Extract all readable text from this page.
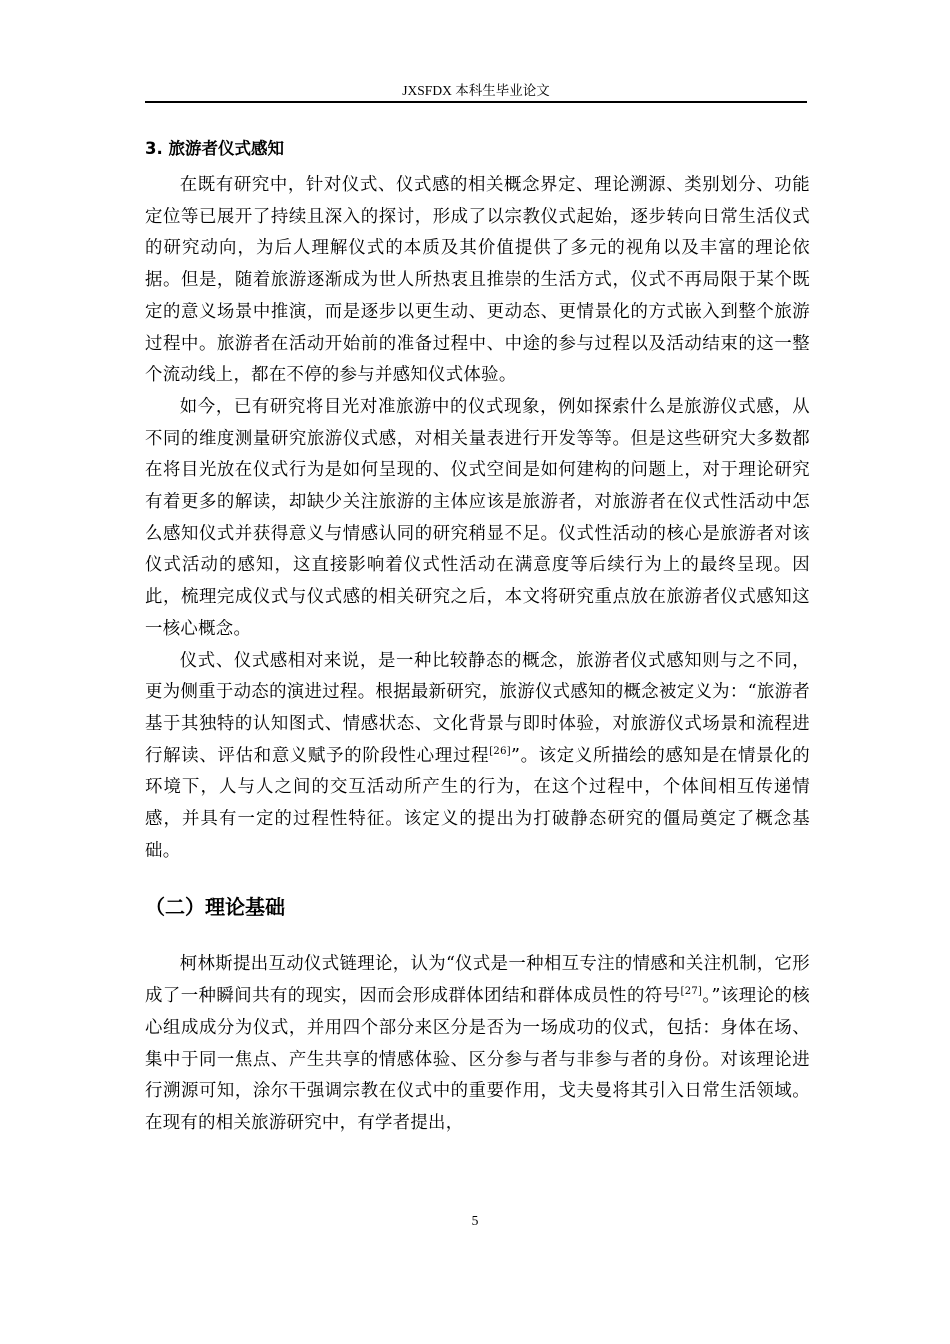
JXSFDX 本科生毕业论文
3. 旅游者仪式感知

在既有研究中，针对仪式、仪式感的相关概念界定、理论溯源、类别划分、功能定位等已展开了持续且深入的探讨，形成了以宗教仪式起始，逐步转向日常生活仪式的研究动向，为后人理解仪式的本质及其价值提供了多元的视角以及丰富的理论依据。但是，随着旅游逐渐成为世人所热衷且推崇的生活方式，仪式不再局限于某个既定的意义场景中推演，而是逐步以更生动、更动态、更情景化的方式嵌入到整个旅游过程中。旅游者在活动开始前的准备过程中、中途的参与过程以及活动结束的这一整个流动线上，都在不停的参与并感知仪式体验。

如今，已有研究将目光对准旅游中的仪式现象，例如探索什么是旅游仪式感，从不同的维度测量研究旅游仪式感，对相关量表进行开发等等。但是这些研究大多数都在将目光放在仪式行为是如何呈现的、仪式空间是如何建构的问题上，对于理论研究有着更多的解读，却缺少关注旅游的主体应该是旅游者，对旅游者在仪式性活动中怎么感知仪式并获得意义与情感认同的研究稍显不足。仪式性活动的核心是旅游者对该仪式活动的感知，这直接影响着仪式性活动在满意度等后续行为上的最终呈现。因此，梳理完成仪式与仪式感的相关研究之后，本文将研究重点放在旅游者仪式感知这一核心概念。

仪式、仪式感相对来说，是一种比较静态的概念，旅游者仪式感知则与之不同，更为侧重于动态的演进过程。根据最新研究，旅游仪式感知的概念被定义为：“旅游者基于其独特的认知图式、情感状态、文化背景与即时体验，对旅游仪式场景和流程进行解读、评估和意义赋予的阶段性心理过程[26]”。该定义所描绘的感知是在情景化的环境下，人与人之间的交互活动所产生的行为，在这个过程中，个体间相互传递情感，并具有一定的过程性特征。该定义的提出为打破静态研究的僵局奠定了概念基础。

（二）理论基础

柯林斯提出互动仪式链理论，认为“仪式是一种相互专注的情感和关注机制，它形成了一种瞬间共有的现实，因而会形成群体团结和群体成员性的符号[27]。”该理论的核心组成成分为仪式，并用四个部分来区分是否为一场成功的仪式，包括：身体在场、集中于同一焦点、产生共享的情感体验、区分参与者与非参与者的身份。对该理论进行溯源可知，涂尔干强调宗教在仪式中的重要作用，戈夫曼将其引入日常生活领域。在现有的相关旅游研究中，有学者提出，

5
